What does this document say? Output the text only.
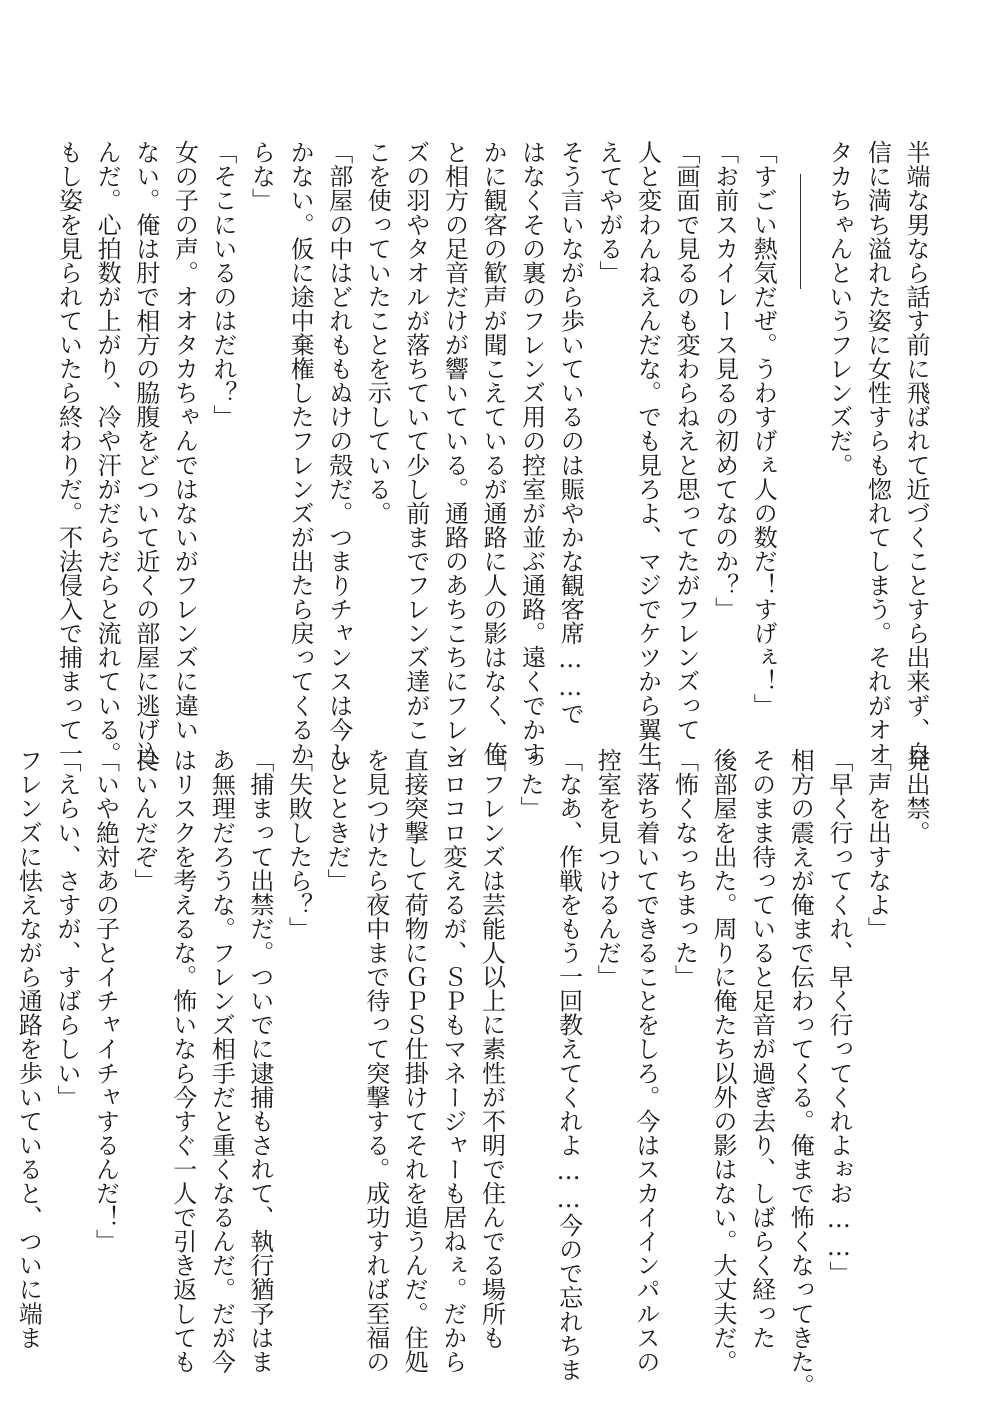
半端な男なら話す前に飛ばれて近づくことすら出来ず、自
信に満ち溢れた姿に女性すらも惚れてしまう。それがオオ
タカちゃんというフレンズだ。
「すごい熱気だぜ。うわすげぇ人の数だ！すげぇ！」
「お前スカイレース見るの初めてなのか？」
「画面で見るのも変わらねえと思ってたがフレンズって
人と変わんねえんだな。でも見ろよ、マジでケツから翼生
えてやがる」
そう言いながら歩いているのは賑やかな観客席……で
はなくその裏のフレンズ用の控室が並ぶ通路。遠くでかす
かに観客の歓声が聞こえているが通路に人の影はなく、俺
と相方の足音だけが響いている。通路のあちこちにフレン
ズの羽やタオルが落ちていて少し前までフレンズ達がこ
こを使っていたことを示している。
「部屋の中はどれももぬけの殻だ。つまりチャンスは今し
かない。仮に途中棄権したフレンズが出たら戻ってくるか
らな」
「そこにいるのはだれ？」
女の子の声。オオタカちゃんではないがフレンズに違い
ない。俺は肘で相方の脇腹をどついて近くの部屋に逃げ込
んだ。心拍数が上がり、冷や汗がだらだらと流れている。
もし姿を見られていたら終わりだ。不法侵入で捕まって一
発出禁。
「声を出すなよ」
「早く行ってくれ、早く行ってくれよぉお……」
相方の震えが俺まで伝わってくる。俺まで怖くなってきた。
そのまま待っていると足音が過ぎ去り、しばらく経った
後部屋を出た。周りに俺たち以外の影はない。大丈夫だ。
「怖くなっちまった」
「落ち着いてできることをしろ。今はスカイインパルスの
控室を見つけるんだ」
「なあ、作戦をもう一回教えてくれよ……今ので忘れちま
った」
「フレンズは芸能人以上に素性が不明で住んでる場所も
コロコロ変えるが、ＳＰもマネージャーも居ねぇ。だから
直接突撃して荷物にＧＰＳ仕掛けてそれを追うんだ。住処
を見つけたら夜中まで待って突撃する。成功すれば至福の
ひとときだ」
「失敗したら？」
「捕まって出禁だ。ついでに逮捕もされて、執行猶予はま
あ無理だろうな。フレンズ相手だと重くなるんだ。だが今
はリスクを考えるな。怖いなら今すぐ一人で引き返しても
良いんだぞ」
「いや絶対あの子とイチャイチャするんだ！」
「えらい、さすが、すばらしい」
フレンズに怯えながら通路を歩いていると、ついに端ま
